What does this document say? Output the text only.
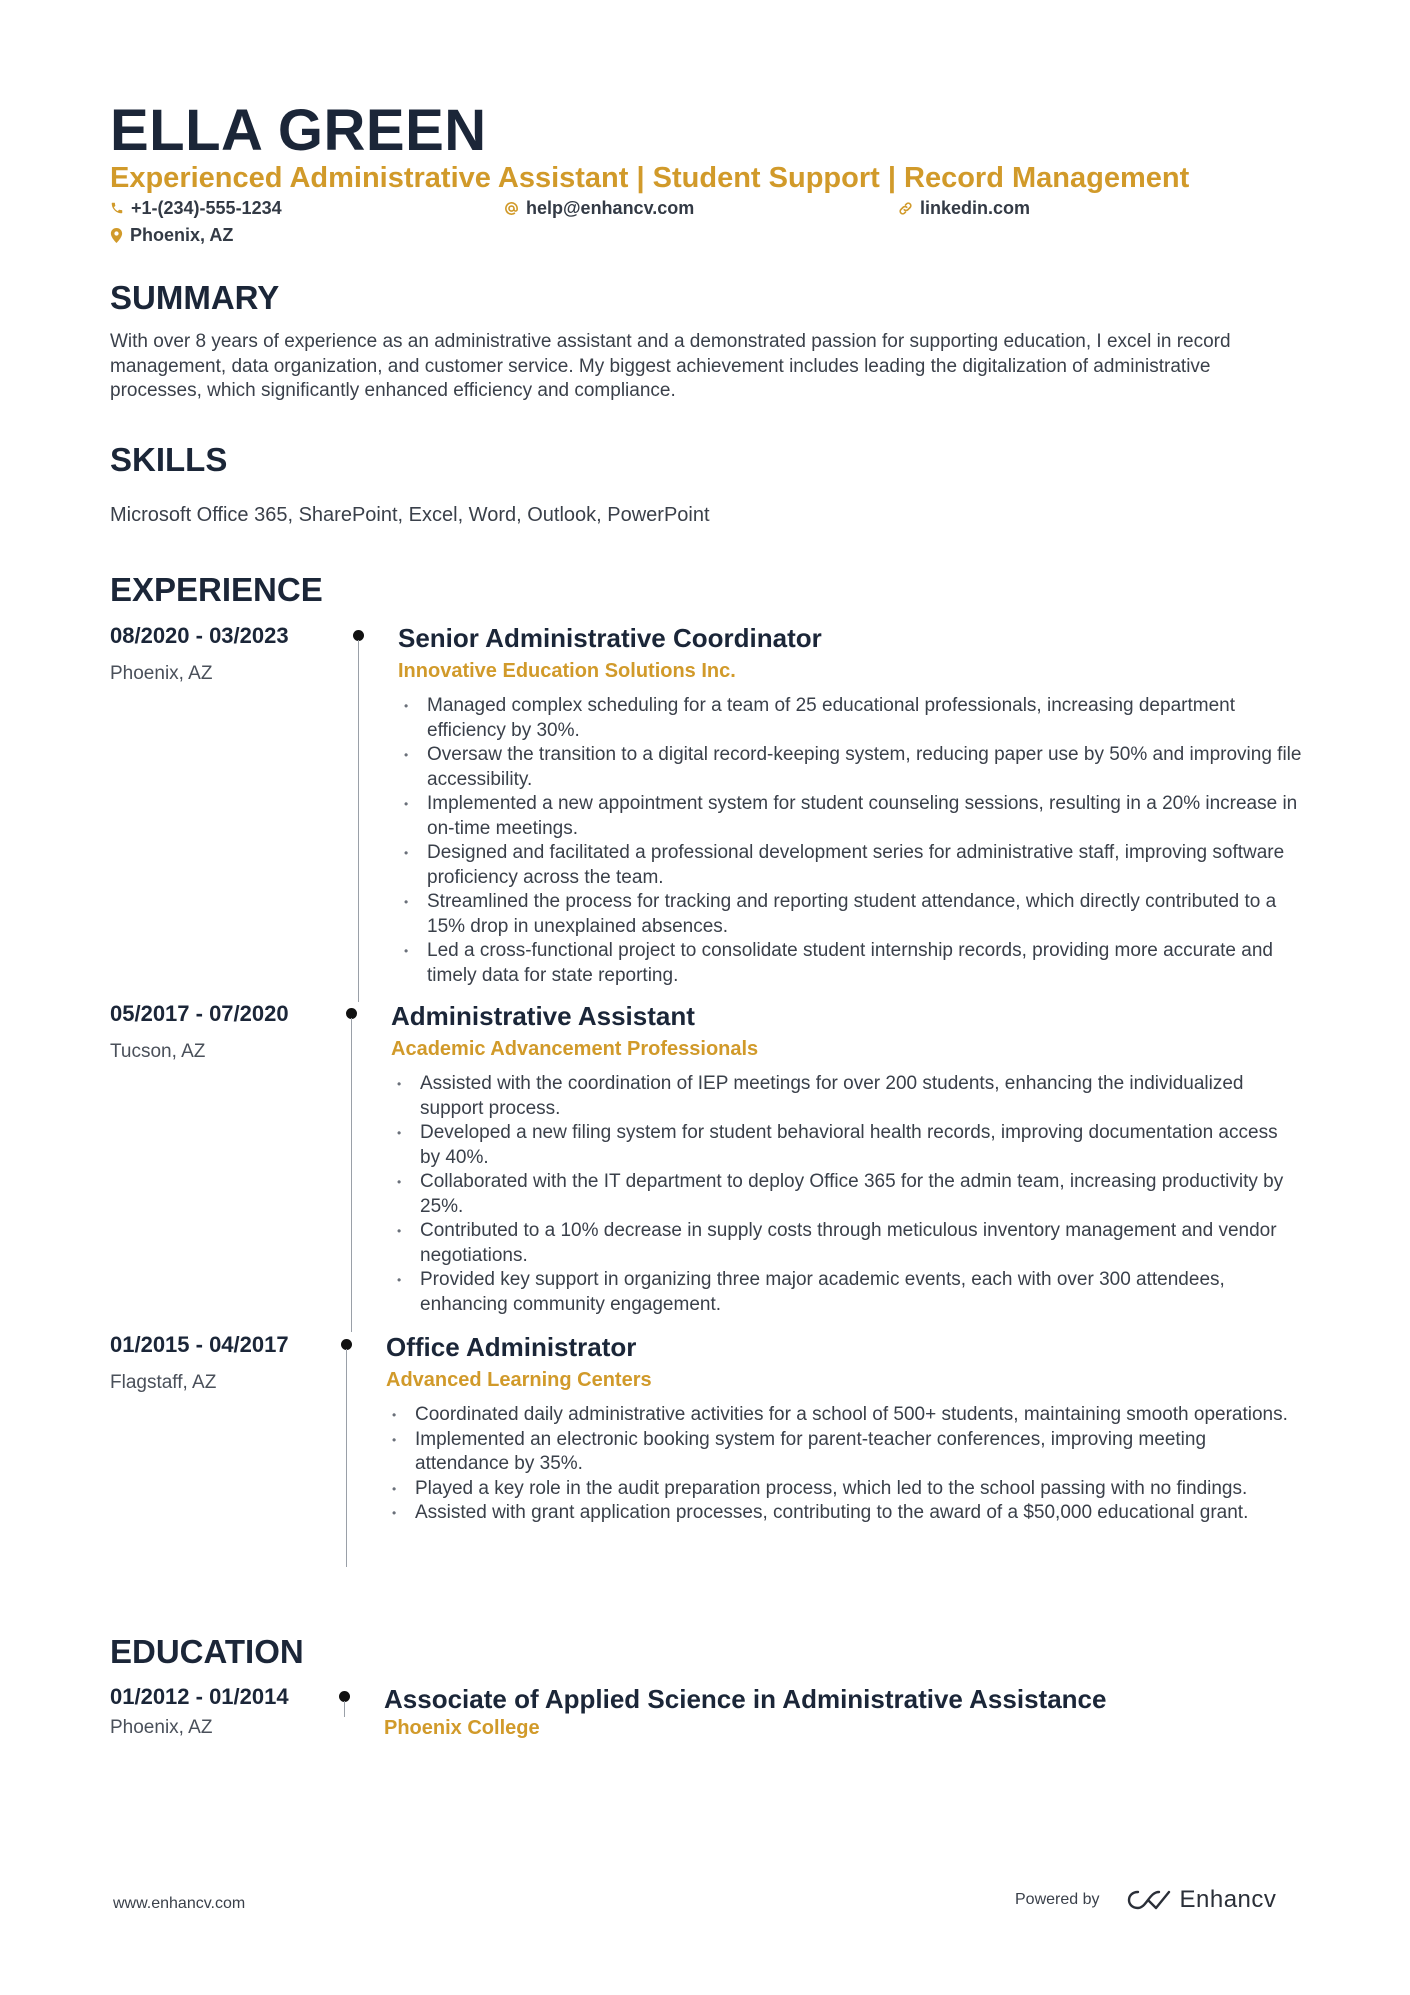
ELLA GREEN
Experienced Administrative Assistant | Student Support | Record Management
+1-(234)-555-1234	help@enhancv.com	linkedin.com
Phoenix, AZ
SUMMARY
With over 8 years of experience as an administrative assistant and a demonstrated passion for supporting education, I excel in record management, data organization, and customer service. My biggest achievement includes leading the digitalization of administrative processes, which significantly enhanced efficiency and compliance.
SKILLS
Microsoft Office 365, SharePoint, Excel, Word, Outlook, PowerPoint
EXPERIENCE
08/2020 - 03/2023
Phoenix, AZ
Senior Administrative Coordinator
Innovative Education Solutions Inc.
• Managed complex scheduling for a team of 25 educational professionals, increasing department efficiency by 30%.
• Oversaw the transition to a digital record-keeping system, reducing paper use by 50% and improving file accessibility.
• Implemented a new appointment system for student counseling sessions, resulting in a 20% increase in on-time meetings.
• Designed and facilitated a professional development series for administrative staff, improving software proficiency across the team.
• Streamlined the process for tracking and reporting student attendance, which directly contributed to a 15% drop in unexplained absences.
• Led a cross-functional project to consolidate student internship records, providing more accurate and timely data for state reporting.
05/2017 - 07/2020
Tucson, AZ
Administrative Assistant
Academic Advancement Professionals
• Assisted with the coordination of IEP meetings for over 200 students, enhancing the individualized support process.
• Developed a new filing system for student behavioral health records, improving documentation access by 40%.
• Collaborated with the IT department to deploy Office 365 for the admin team, increasing productivity by 25%.
• Contributed to a 10% decrease in supply costs through meticulous inventory management and vendor negotiations.
• Provided key support in organizing three major academic events, each with over 300 attendees, enhancing community engagement.
01/2015 - 04/2017
Flagstaff, AZ
Office Administrator
Advanced Learning Centers
• Coordinated daily administrative activities for a school of 500+ students, maintaining smooth operations.
• Implemented an electronic booking system for parent-teacher conferences, improving meeting attendance by 35%.
• Played a key role in the audit preparation process, which led to the school passing with no findings.
• Assisted with grant application processes, contributing to the award of a $50,000 educational grant.
EDUCATION
01/2012 - 01/2014
Phoenix, AZ
Associate of Applied Science in Administrative Assistance
Phoenix College
www.enhancv.com	Powered by	Enhancv
